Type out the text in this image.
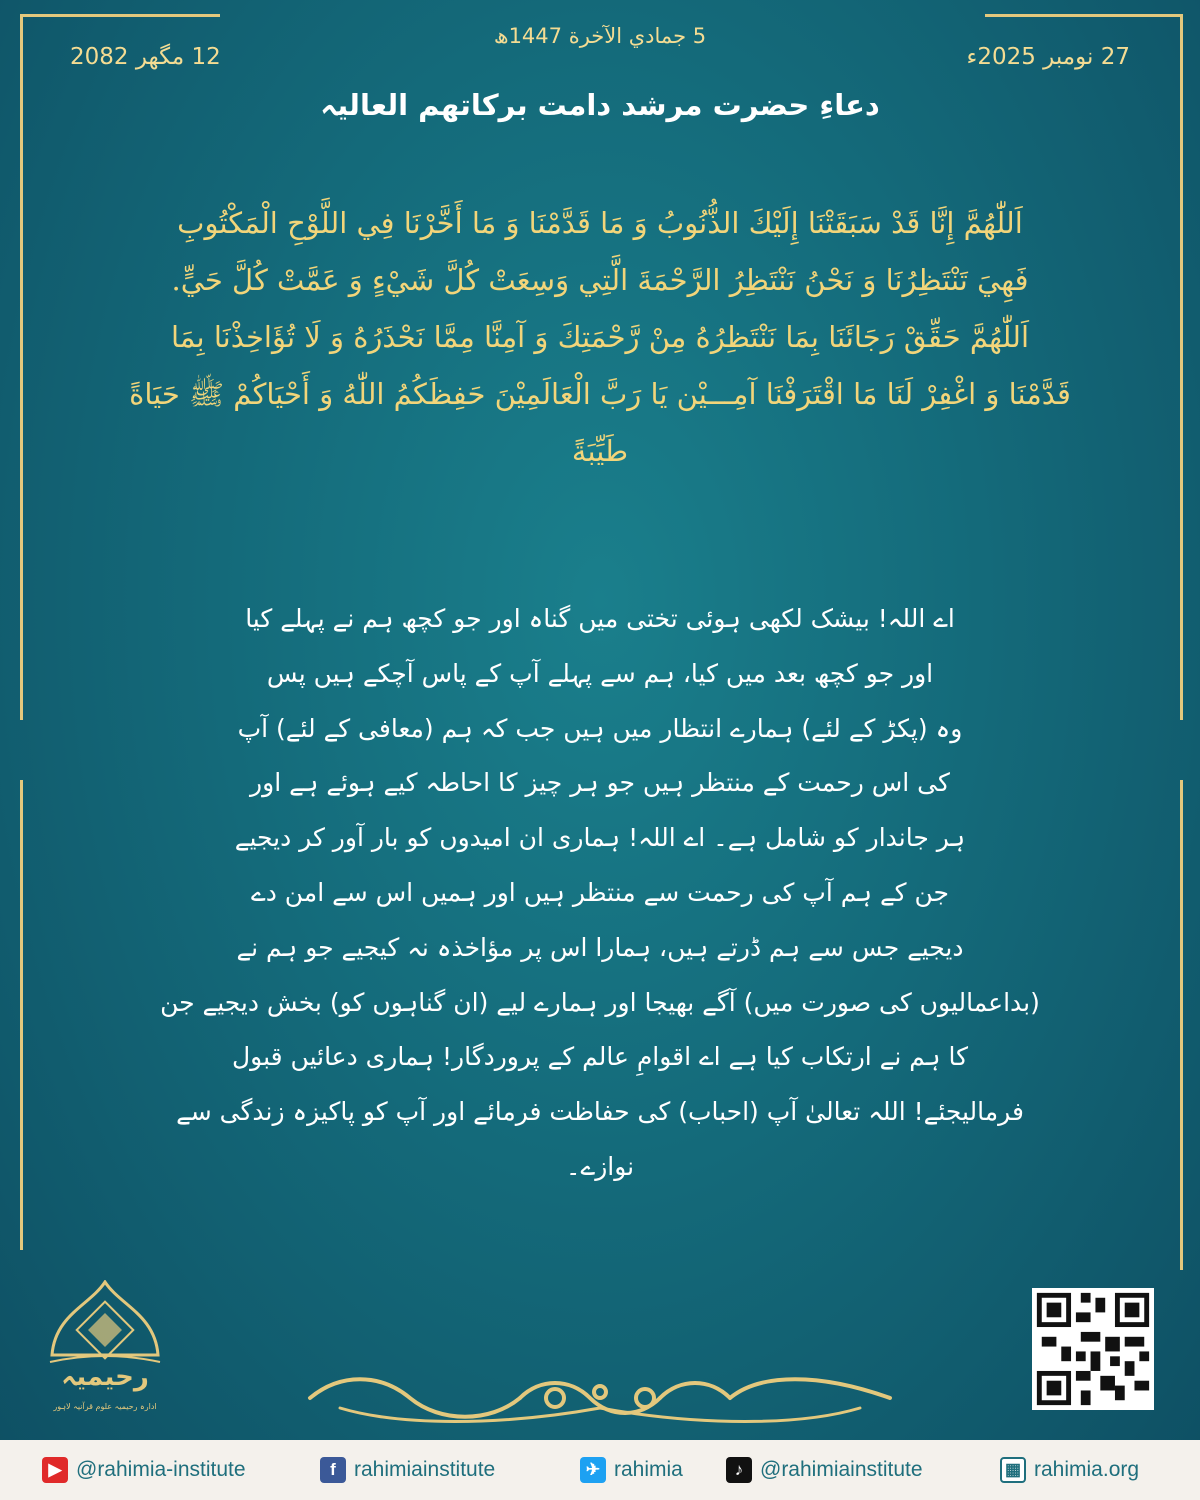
5 جمادي الآخرة 1447ھ
27 نومبر 2025ء
12 مگھر 2082
دعاءِ حضرت مرشد دامت برکاتھم العالیہ

اَللّٰهُمَّ إِنَّا قَدْ سَبَقَتْنَا إِلَيْكَ الذُّنُوبُ وَ مَا قَدَّمْنَا وَ مَا أَخَّرْنَا فِي اللَّوْحِ الْمَكْتُوبِ

فَهِيَ تَنْتَظِرُنَا وَ نَحْنُ نَنْتَظِرُ الرَّحْمَةَ الَّتِي وَسِعَتْ كُلَّ شَيْءٍ وَ عَمَّتْ كُلَّ حَيٍّ.

اَللّٰهُمَّ حَقِّقْ رَجَائَنَا بِمَا نَنْتَظِرُهُ مِنْ رَّحْمَتِكَ وَ آمِنَّا مِمَّا نَحْذَرُهُ وَ لَا تُؤَاخِذْنَا بِمَا

قَدَّمْنَا وَ اغْفِرْ لَنَا مَا اقْتَرَفْنَا آمِـــيْن يَا رَبَّ الْعَالَمِيْنَ حَفِظَكُمُ اللّٰهُ وَ أَحْيَاكُمْ ﷺ حَيَاةً

طَيِّبَةً

اے اللہ! بیشک لکھی ہوئی تختی میں گناہ اور جو کچھ ہم نے پہلے کیا

اور جو کچھ بعد میں کیا، ہم سے پہلے آپ کے پاس آچکے ہیں پس

وہ (پکڑ کے لئے) ہمارے انتظار میں ہیں جب کہ ہم (معافی کے لئے) آپ

کی اس رحمت کے منتظر ہیں جو ہر چیز کا احاطہ کیے ہوئے ہے اور

ہر جاندار کو شامل ہے۔ اے اللہ! ہماری ان امیدوں کو بار آور کر دیجیے

جن کے ہم آپ کی رحمت سے منتظر ہیں اور ہمیں اس سے امن دے

دیجیے جس سے ہم ڈرتے ہیں، ہمارا اس پر مؤاخذہ نہ کیجیے جو ہم نے

(بداعمالیوں کی صورت میں) آگے بھیجا اور ہمارے لیے (ان گناہوں کو) بخش دیجیے جن

کا ہم نے ارتکاب کیا ہے اے اقوامِ عالم کے پروردگار! ہماری دعائیں قبول

فرمالیجئے! اللہ تعالیٰ آپ (احباب) کی حفاظت فرمائے اور آپ کو پاکیزہ زندگی سے

نوازے۔

رحیمیہ
ادارہ رحیمیہ علوم قرآنیہ لاہور
▶ @rahimia-institute	f rahimiainstitute	✈ rahimia	♪ @rahimiainstitute	▦ rahimia.org
